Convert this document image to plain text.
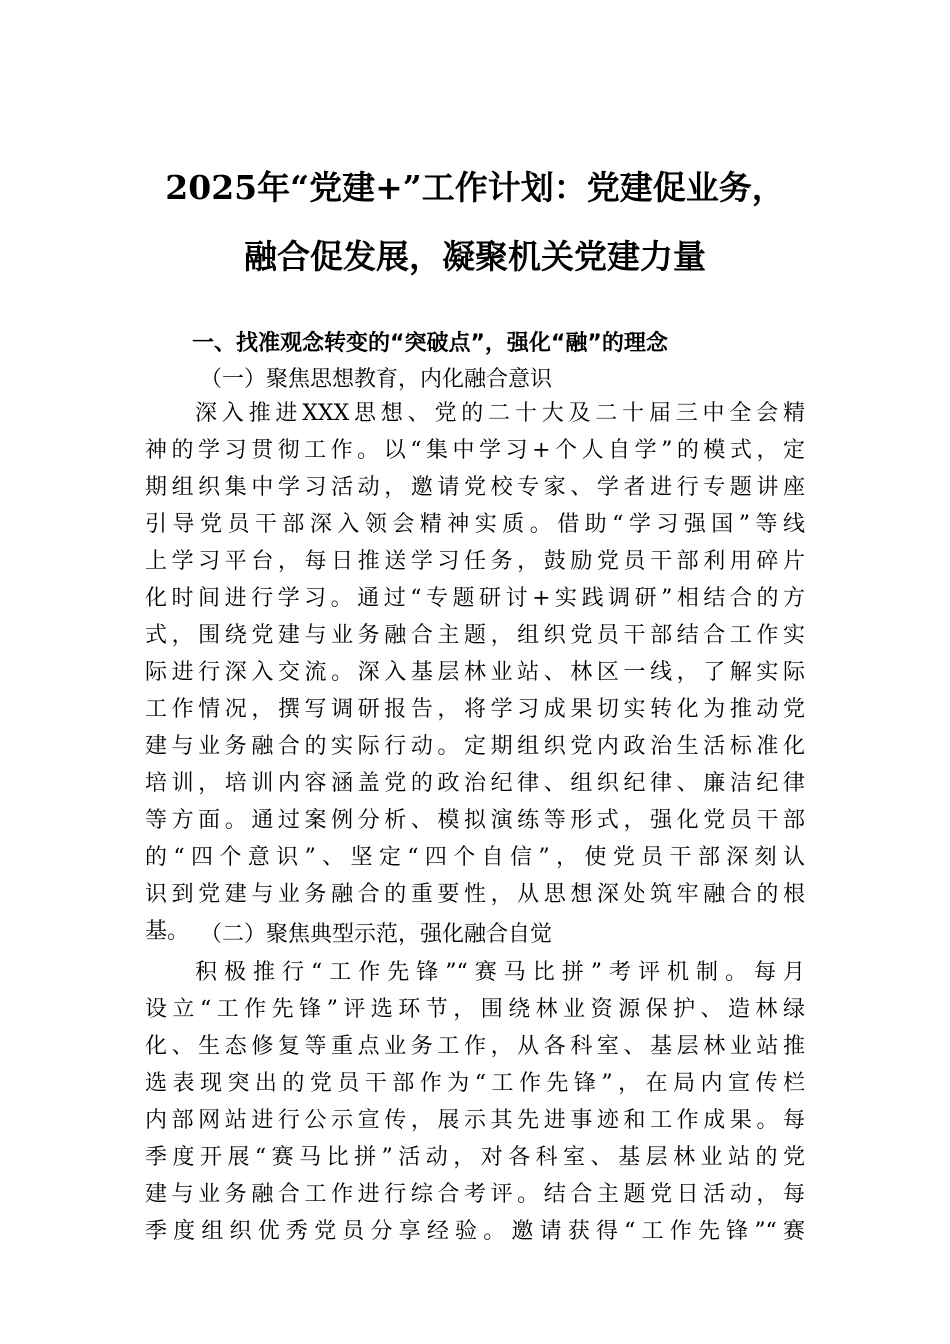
2025年“党建+”工作计划：党建促业务，
融合促发展，凝聚机关党建力量
一、找准观念转变的“突破点”，强化“融”的理念
（一）聚焦思想教育，内化融合意识
深入推进XXX思想、党的二十大及二十届三中全会精
神的学习贯彻工作。以“集中学习+个人自学”的模式，定
期组织集中学习活动，邀请党校专家、学者进行专题讲座
引导党员干部深入领会精神实质。借助“学习强国”等线
上学习平台，每日推送学习任务，鼓励党员干部利用碎片
化时间进行学习。通过“专题研讨+实践调研”相结合的方
式，围绕党建与业务融合主题，组织党员干部结合工作实
际进行深入交流。深入基层林业站、林区一线，了解实际
工作情况，撰写调研报告，将学习成果切实转化为推动党
建与业务融合的实际行动。定期组织党内政治生活标准化
培训，培训内容涵盖党的政治纪律、组织纪律、廉洁纪律
等方面。通过案例分析、模拟演练等形式，强化党员干部
的“四个意识”、坚定“四个自信”，使党员干部深刻认
识到党建与业务融合的重要性，从思想深处筑牢融合的根
基。 （二）聚焦典型示范，强化融合自觉
积极推行“工作先锋”“赛马比拼”考评机制。每月
设立“工作先锋”评选环节，围绕林业资源保护、造林绿
化、生态修复等重点业务工作，从各科室、基层林业站推
选表现突出的党员干部作为“工作先锋”，在局内宣传栏
内部网站进行公示宣传，展示其先进事迹和工作成果。每
季度开展“赛马比拼”活动，对各科室、基层林业站的党
建与业务融合工作进行综合考评。结合主题党日活动，每
季度组织优秀党员分享经验。邀请获得“工作先锋”“赛
